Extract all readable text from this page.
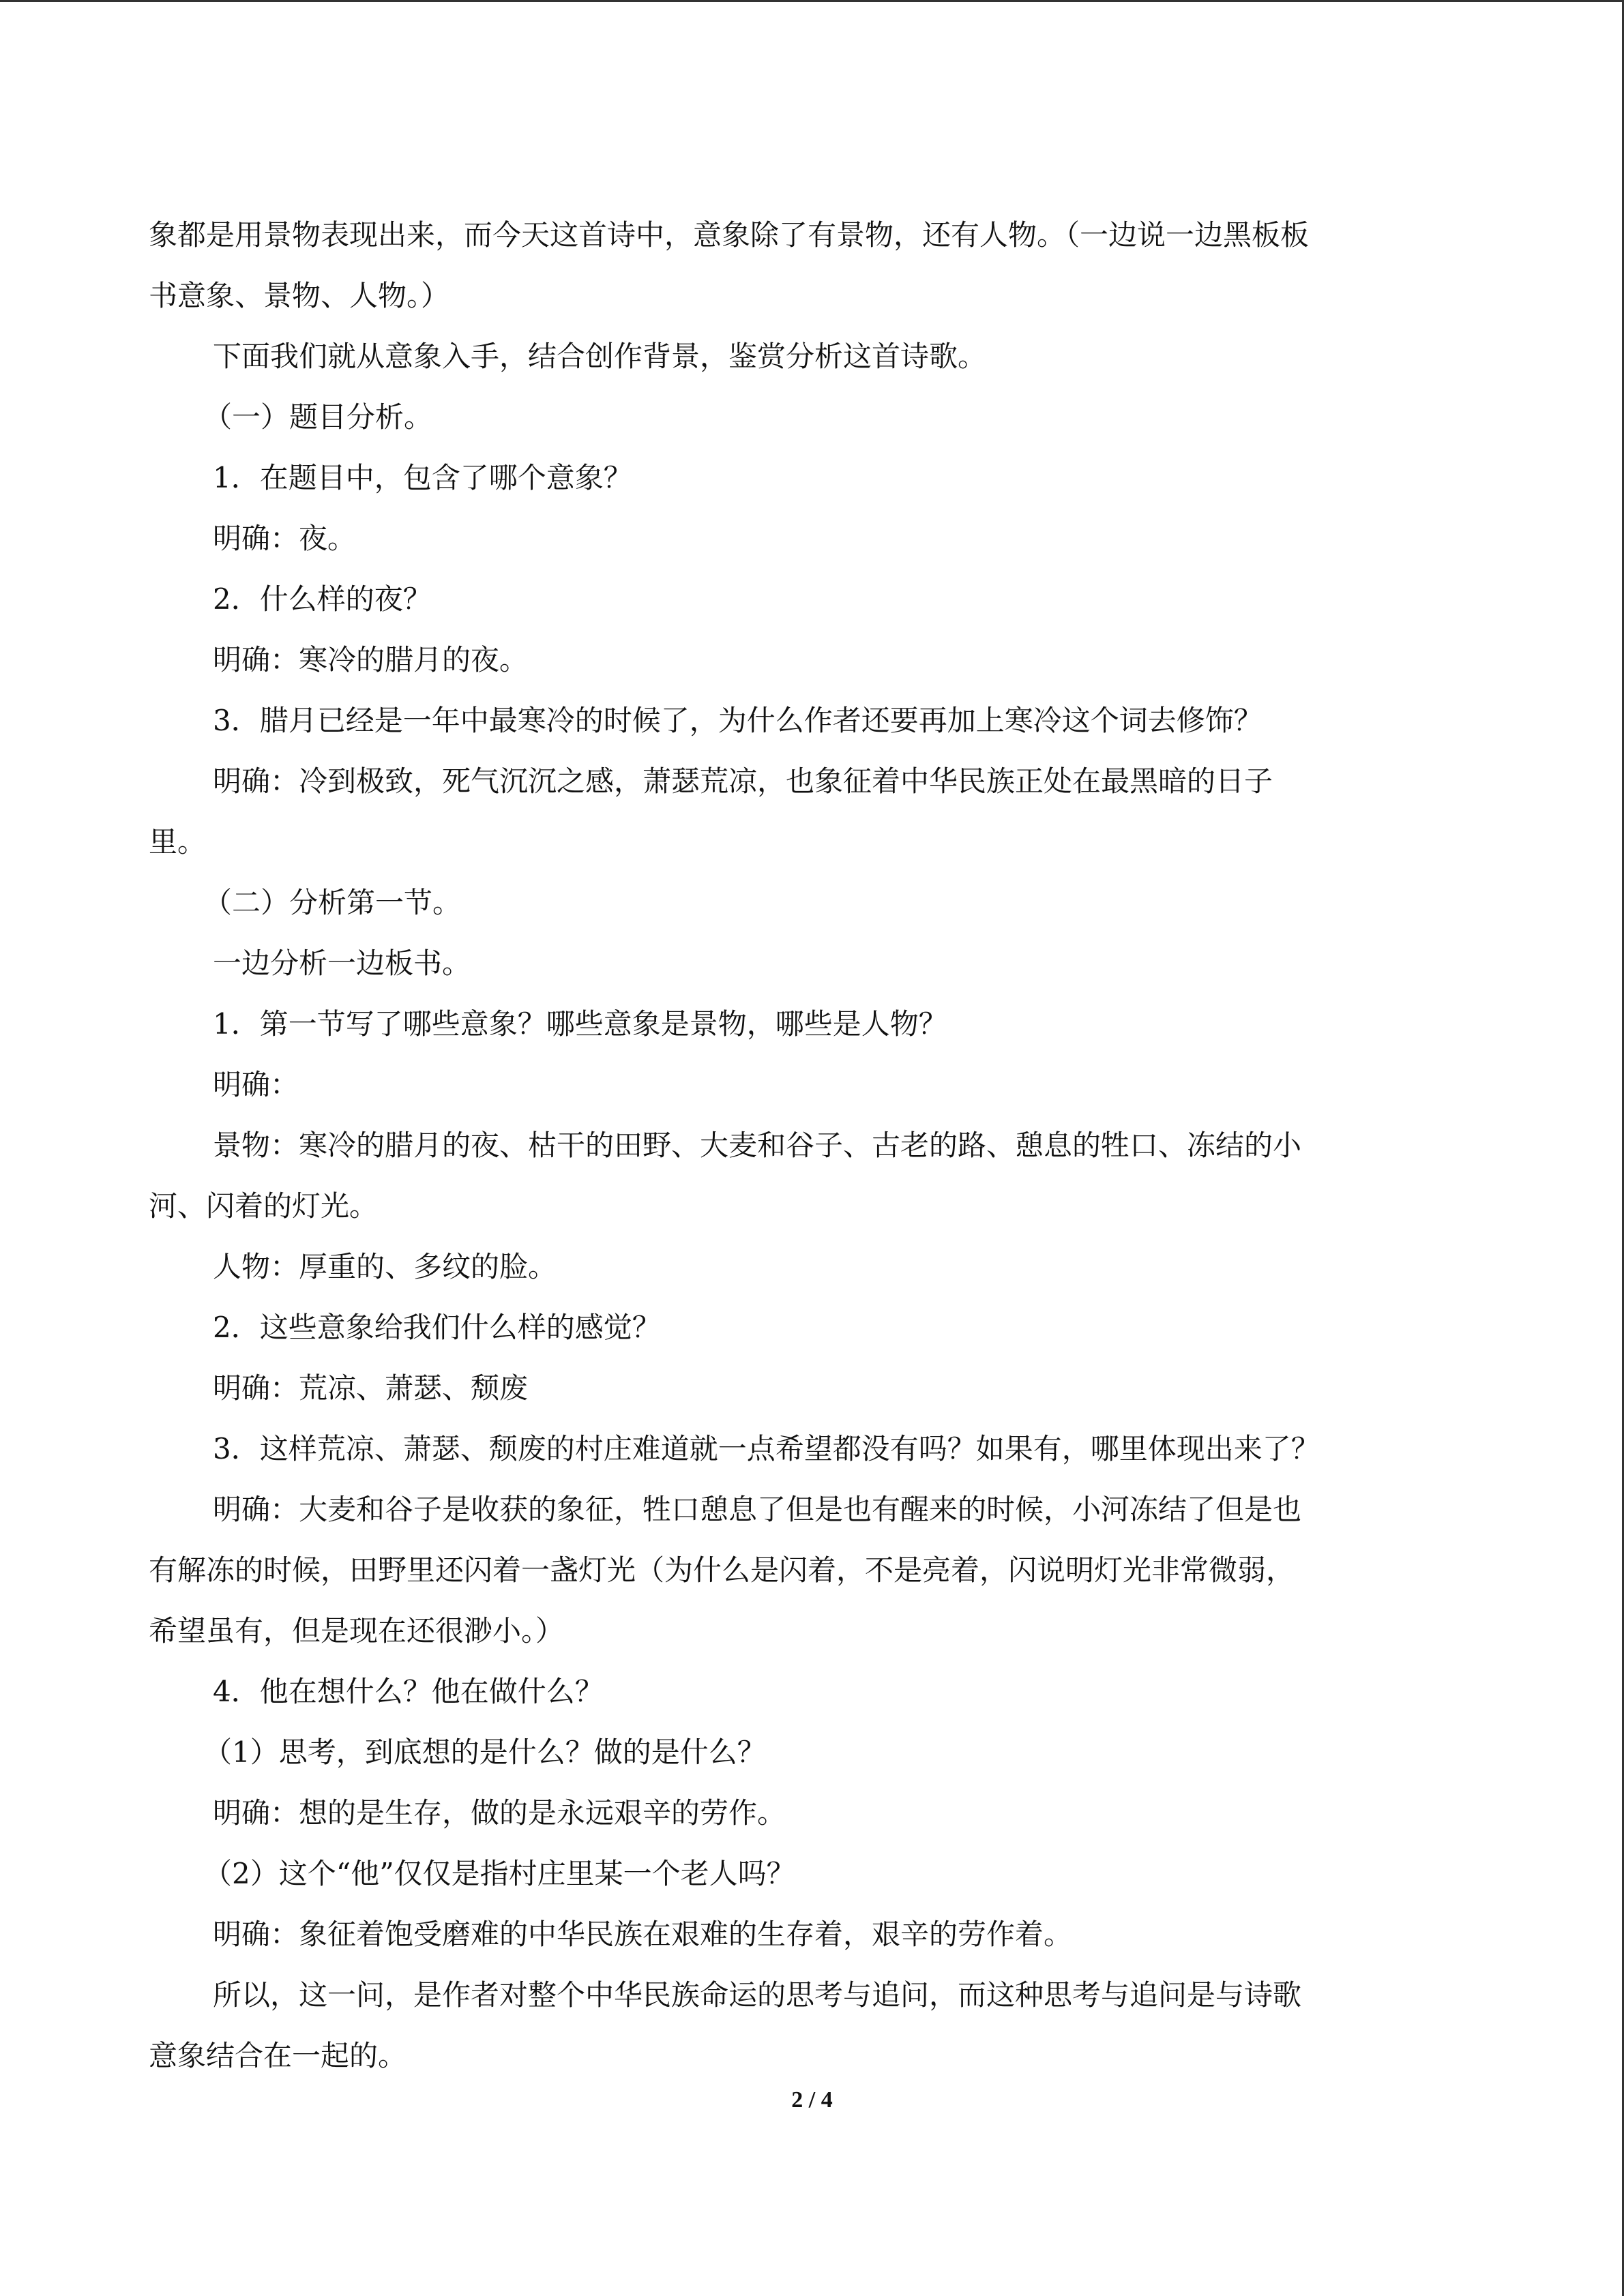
象都是用景物表现出来，而今天这首诗中，意象除了有景物，还有人物。（一边说一边黑板板
书意象、景物、人物。）
下面我们就从意象入手，结合创作背景，鉴赏分析这首诗歌。
（一）题目分析。
1．在题目中，包含了哪个意象？
明确：夜。
2．什么样的夜？
明确：寒冷的腊月的夜。
3．腊月已经是一年中最寒冷的时候了，为什么作者还要再加上寒冷这个词去修饰？
明确：冷到极致，死气沉沉之感，萧瑟荒凉，也象征着中华民族正处在最黑暗的日子
里。
（二）分析第一节。
一边分析一边板书。
1．第一节写了哪些意象？哪些意象是景物，哪些是人物？
明确：
景物：寒冷的腊月的夜、枯干的田野、大麦和谷子、古老的路、憩息的牲口、冻结的小
河、闪着的灯光。
人物：厚重的、多纹的脸。
2．这些意象给我们什么样的感觉？
明确：荒凉、萧瑟、颓废
3．这样荒凉、萧瑟、颓废的村庄难道就一点希望都没有吗？如果有，哪里体现出来了？
明确：大麦和谷子是收获的象征，牲口憩息了但是也有醒来的时候，小河冻结了但是也
有解冻的时候，田野里还闪着一盏灯光（为什么是闪着，不是亮着，闪说明灯光非常微弱，
希望虽有，但是现在还很渺小。）
4．他在想什么？他在做什么？
（1）思考，到底想的是什么？做的是什么？
明确：想的是生存，做的是永远艰辛的劳作。
（2）这个“他”仅仅是指村庄里某一个老人吗？
明确：象征着饱受磨难的中华民族在艰难的生存着，艰辛的劳作着。
所以，这一问，是作者对整个中华民族命运的思考与追问，而这种思考与追问是与诗歌
意象结合在一起的。
2 / 4
